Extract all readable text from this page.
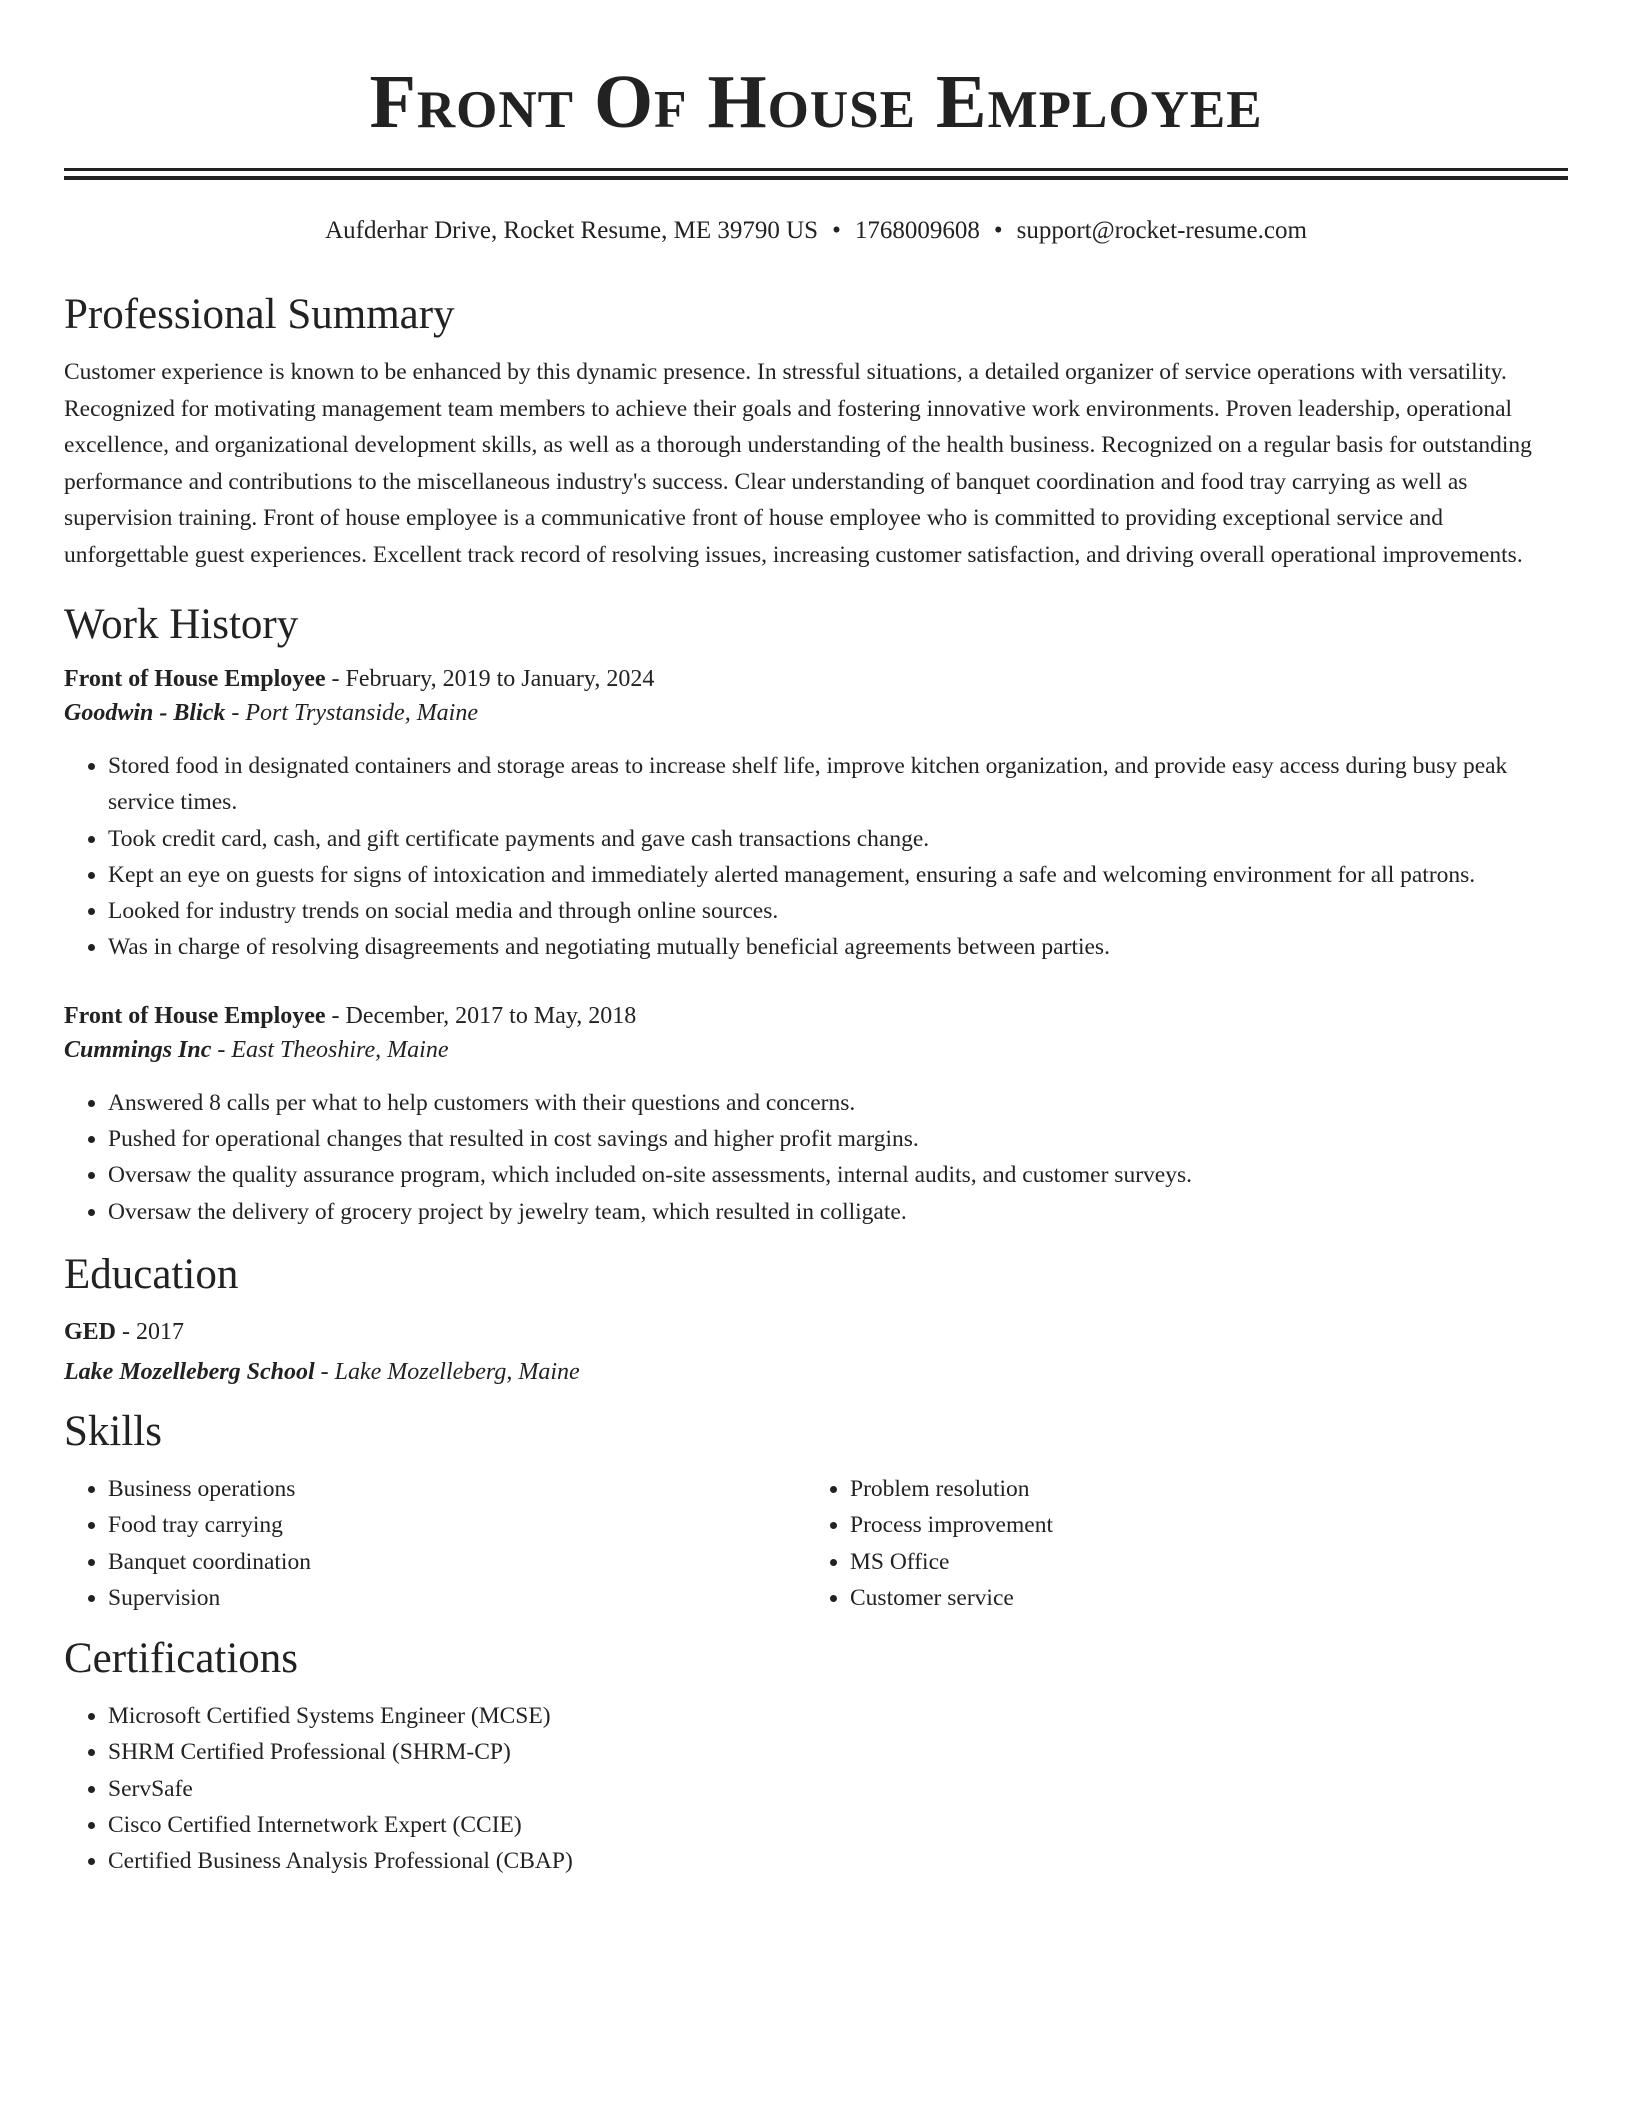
Front Of House Employee
Aufderhar Drive, Rocket Resume, ME 39790 US • 1768009608 • support@rocket-resume.com
Professional Summary

Customer experience is known to be enhanced by this dynamic presence. In stressful situations, a detailed organizer of service operations with versatility. Recognized for motivating management team members to achieve their goals and fostering innovative work environments. Proven leadership, operational excellence, and organizational development skills, as well as a thorough understanding of the health business. Recognized on a regular basis for outstanding performance and contributions to the miscellaneous industry's success. Clear understanding of banquet coordination and food tray carrying as well as supervision training. Front of house employee is a communicative front of house employee who is committed to providing exceptional service and unforgettable guest experiences. Excellent track record of resolving issues, increasing customer satisfaction, and driving overall operational improvements.

Work History
Front of House Employee - February, 2019 to January, 2024
Goodwin - Blick - Port Trystanside, Maine
• Stored food in designated containers and storage areas to increase shelf life, improve kitchen organization, and provide easy access during busy peak service times.
• Took credit card, cash, and gift certificate payments and gave cash transactions change.
• Kept an eye on guests for signs of intoxication and immediately alerted management, ensuring a safe and welcoming environment for all patrons.
• Looked for industry trends on social media and through online sources.
• Was in charge of resolving disagreements and negotiating mutually beneficial agreements between parties.
Front of House Employee - December, 2017 to May, 2018
Cummings Inc - East Theoshire, Maine
• Answered 8 calls per what to help customers with their questions and concerns.
• Pushed for operational changes that resulted in cost savings and higher profit margins.
• Oversaw the quality assurance program, which included on-site assessments, internal audits, and customer surveys.
• Oversaw the delivery of grocery project by jewelry team, which resulted in colligate.
Education
GED - 2017
Lake Mozelleberg School - Lake Mozelleberg, Maine
Skills
• Business operations
• Food tray carrying
• Banquet coordination
• Supervision
• Problem resolution
• Process improvement
• MS Office
• Customer service
Certifications
• Microsoft Certified Systems Engineer (MCSE)
• SHRM Certified Professional (SHRM-CP)
• ServSafe
• Cisco Certified Internetwork Expert (CCIE)
• Certified Business Analysis Professional (CBAP)
